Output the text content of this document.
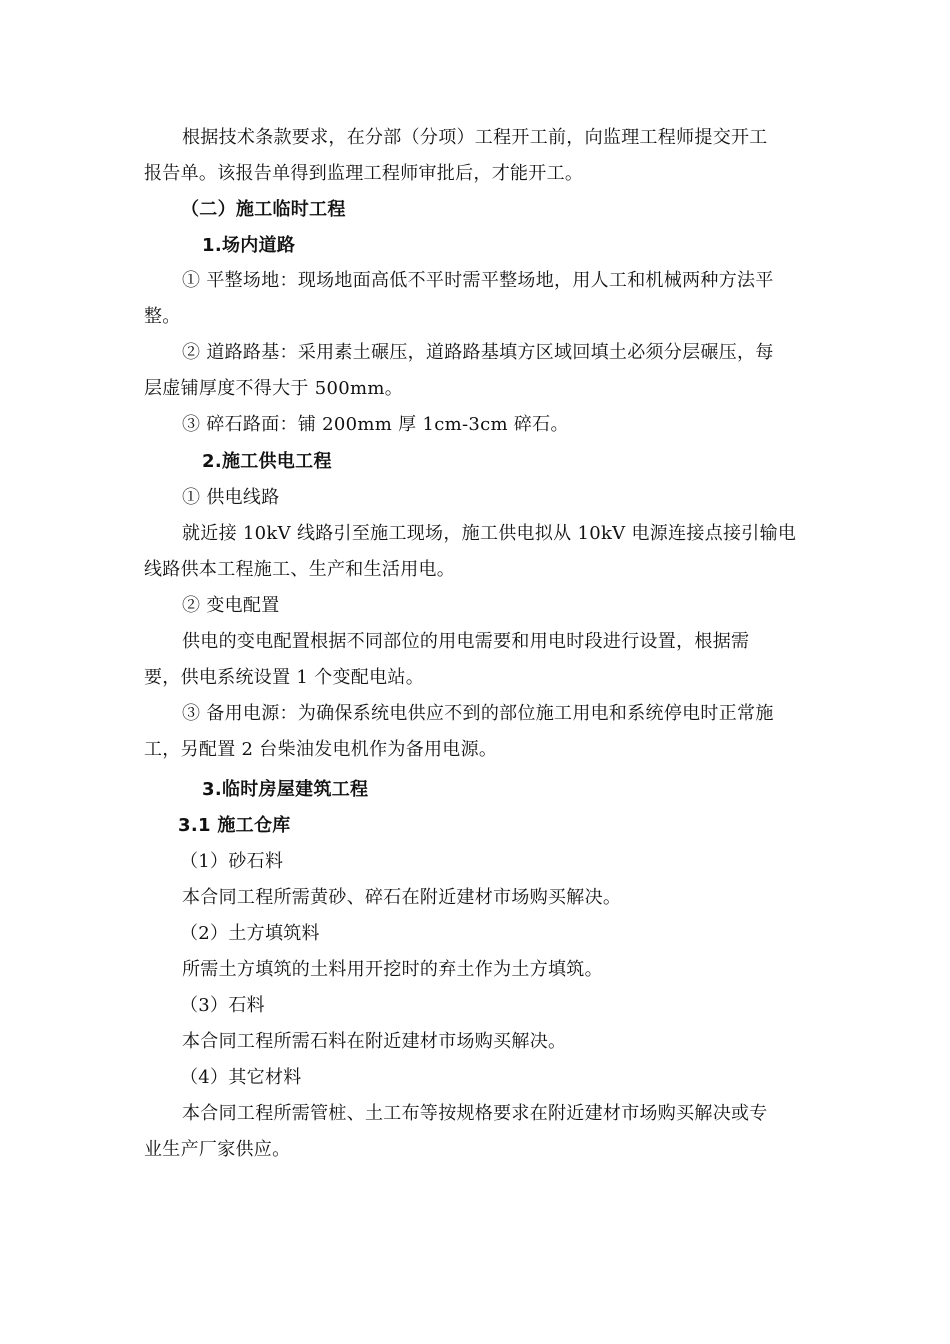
根据技术条款要求，在分部（分项）工程开工前，向监理工程师提交开工
报告单。该报告单得到监理工程师审批后，才能开工。
（二）施工临时工程
1.场内道路
① 平整场地：现场地面高低不平时需平整场地，用人工和机械两种方法平
整。
② 道路路基：采用素土碾压，道路路基填方区域回填土必须分层碾压，每
层虚铺厚度不得大于 500mm。
③ 碎石路面：铺 200mm 厚 1cm-3cm 碎石。
2.施工供电工程
① 供电线路
就近接 10kV 线路引至施工现场，施工供电拟从 10kV 电源连接点接引输电
线路供本工程施工、生产和生活用电。
② 变电配置
供电的变电配置根据不同部位的用电需要和用电时段进行设置，根据需
要，供电系统设置 1 个变配电站。
③ 备用电源：为确保系统电供应不到的部位施工用电和系统停电时正常施
工，另配置 2 台柴油发电机作为备用电源。
3.临时房屋建筑工程
3.1 施工仓库
（1）砂石料
本合同工程所需黄砂、碎石在附近建材市场购买解决。
（2）土方填筑料
所需土方填筑的土料用开挖时的弃土作为土方填筑。
（3）石料
本合同工程所需石料在附近建材市场购买解决。
（4）其它材料
本合同工程所需管桩、土工布等按规格要求在附近建材市场购买解决或专
业生产厂家供应。
